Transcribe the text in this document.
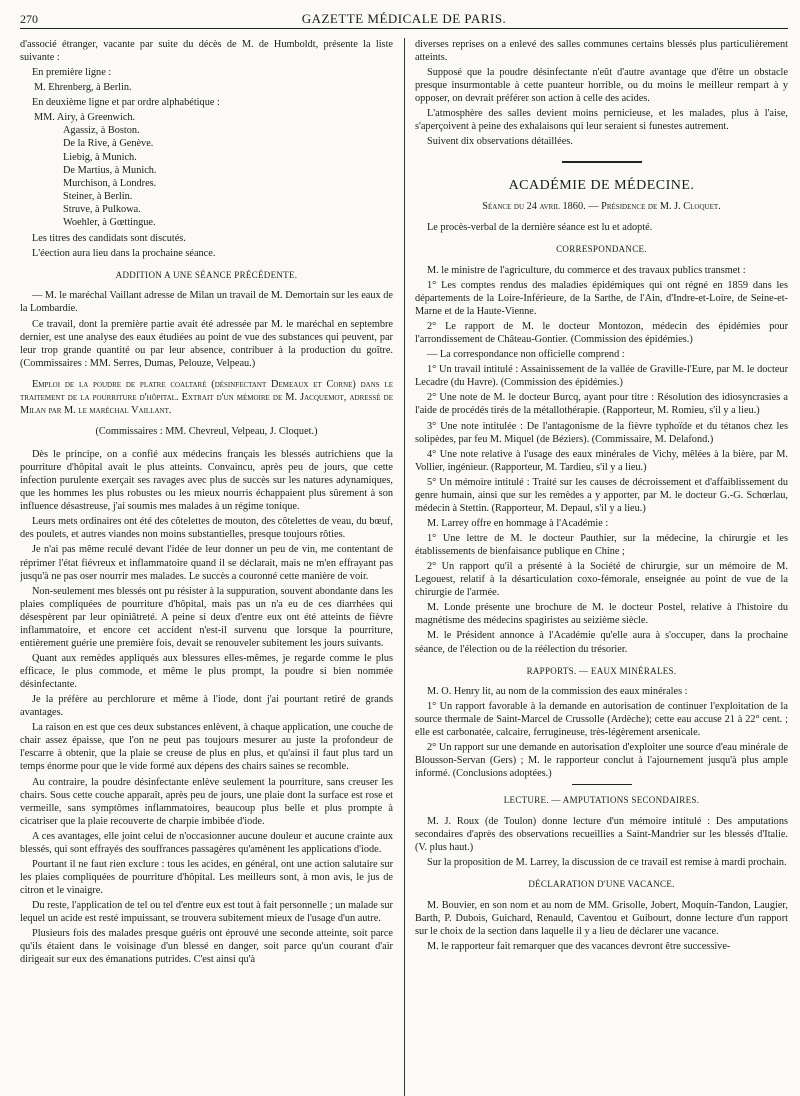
270	GAZETTE MÉDICALE DE PARIS.

d'associé étranger, vacante par suite du décès de M. de Humboldt, présente la liste suivante :

En première ligne :

M. Ehrenberg, à Berlin.

En deuxième ligne et par ordre alphabétique :

MM. Airy, à Greenwich.
Agassiz, à Boston.
De la Rive, à Genève.
Liebig, à Munich.
De Martius, à Munich.
Murchison, à Londres.
Steiner, à Berlin.
Struve, à Pulkowa.
Woehler, à Gœttingue.

Les titres des candidats sont discutés.

L'éection aura lieu dans la prochaine séance.

ADDITION A UNE SÉANCE PRÉCÉDENTE.

— M. le maréchal Vaillant adresse de Milan un travail de M. Demortain sur les eaux de la Lombardie.

Ce travail, dont la première partie avait été adressée par M. le maréchal en septembre dernier, est une analyse des eaux étudiées au point de vue des substances qui peuvent, par leur trop grande quantité ou par leur absence, contribuer à la production du goître. (Commissaires : MM. Serres, Dumas, Pelouze, Velpeau.)

Emploi de la poudre de platre coaltaré (désinfectant Demeaux et Corne) dans le traitement de la pourriture d'hôpital. Extrait d'un mémoire de M. Jacquemot, adressé de Milan par M. le maréchal Vaillant.

(Commissaires : MM. Chevreul, Velpeau, J. Cloquet.)

Dès le principe, on a confié aux médecins français les blessés autrichiens que la pourriture d'hôpital avait le plus atteints. Convaincu, après peu de jours, que cette infection purulente exerçait ses ravages avec plus de succès sur les natures adynamiques, que les hommes les plus robustes ou les mieux nourris échappaient plus sûrement à son influence désastreuse, j'ai soumis mes malades à un régime tonique.

Leurs mets ordinaires ont été des côtelettes de mouton, des côtelettes de veau, du bœuf, des poulets, et autres viandes non moins substantielles, presque toujours rôties.

Je n'ai pas même reculé devant l'idée de leur donner un peu de vin, me contentant de réprimer l'état fiévreux et inflammatoire quand il se déclarait, mais ne m'en effrayant pas jusqu'à ne pas oser nourrir mes malades. Le succès a couronné cette manière de voir.

Non-seulement mes blessés ont pu résister à la suppuration, souvent abondante dans les plaies compliquées de pourriture d'hôpital, mais pas un n'a eu de ces diarrhées qui désespèrent par leur opiniâtreté. A peine si deux d'entre eux ont été atteints de fièvre inflammatoire, et encore cet accident n'est-il survenu que lorsque la pourriture, entièrement guérie une première fois, devait se renouveler subitement les jours suivants.

Quant aux remèdes appliqués aux blessures elles-mêmes, je regarde comme le plus efficace, le plus commode, et même le plus prompt, la poudre si bien nommée désinfectante.

Je la préfère au perchlorure et même à l'iode, dont j'ai pourtant retiré de grands avantages.

La raison en est que ces deux substances enlèvent, à chaque application, une couche de chair assez épaisse, que l'on ne peut pas toujours mesurer au juste la profondeur de l'escarre à obtenir, que la plaie se creuse de plus en plus, et qu'ainsi il faut plus tard un temps énorme pour que le vide formé aux dépens des chairs saines se recomble.

Au contraire, la poudre désinfectante enlève seulement la pourriture, sans creuser les chairs. Sous cette couche apparaît, après peu de jours, une plaie dont la surface est rose et vermeille, sans symptômes inflammatoires, beaucoup plus belle et plus prompte à cicatriser que la plaie recouverte de charpie imbibée d'iode.

A ces avantages, elle joint celui de n'occasionner aucune douleur et aucune crainte aux blessés, qui sont effrayés des souffrances passagères qu'amènent les applications d'iode.

Pourtant il ne faut rien exclure : tous les acides, en général, ont une action salutaire sur les plaies compliquées de pourriture d'hôpital. Les meilleurs sont, à mon avis, le jus de citron et le vinaigre.

Du reste, l'application de tel ou tel d'entre eux est tout à fait personnelle ; un malade sur lequel un acide est resté impuissant, se trouvera subitement mieux de l'usage d'un autre.

Plusieurs fois des malades presque guéris ont éprouvé une seconde atteinte, soit parce qu'ils étaient dans le voisinage d'un blessé en danger, soit parce qu'un courant d'air dirigeait sur eux des émanations putrides. C'est ainsi qu'à

diverses reprises on a enlevé des salles communes certains blessés plus particulièrement atteints.

Supposé que la poudre désinfectante n'eût d'autre avantage que d'être un obstacle presque insurmontable à cette puanteur horrible, ou du moins le meilleur rempart à y opposer, on devrait préférer son action à celle des acides.

L'atmosphère des salles devient moins pernicieuse, et les malades, plus à l'aise, s'aperçoivent à peine des exhalaisons qui leur seraient si funestes autrement.

Suivent dix observations détaillées.

ACADÉMIE DE MÉDECINE.
Séance du 24 avril 1860. — Présidence de M. J. Cloquet.

Le procès-verbal de la dernière séance est lu et adopté.

CORRESPONDANCE.

M. le ministre de l'agriculture, du commerce et des travaux publics transmet :

1° Les comptes rendus des maladies épidémiques qui ont régné en 1859 dans les départements de la Loire-Inférieure, de la Sarthe, de l'Ain, d'Indre-et-Loire, de Seine-et-Marne et de la Haute-Vienne.

2° Le rapport de M. le docteur Montozon, médecin des épidémies pour l'arrondissement de Château-Gontier. (Commission des épidémies.)

— La correspondance non officielle comprend :

1° Un travail intitulé : Assainissement de la vallée de Graville-l'Eure, par M. le docteur Lecadre (du Havre). (Commission des épidémies.)

2° Une note de M. le docteur Burcq, ayant pour titre : Résolution des idiosyncrasies a l'aide de procédés tirés de la métallothérapie. (Rapporteur, M. Romieu, s'il y a lieu.)

3° Une note intitulée : De l'antagonisme de la fièvre typhoïde et du tétanos chez les solipèdes, par feu M. Miquel (de Béziers). (Commissaire, M. Delafond.)

4° Une note relative à l'usage des eaux minérales de Vichy, mêlées à la bière, par M. Vollier, ingénieur. (Rapporteur, M. Tardieu, s'il y a lieu.)

5° Un mémoire intitulé : Traité sur les causes de décroissement et d'affaiblissement du genre humain, ainsi que sur les remèdes a y apporter, par M. le docteur G.-G. Schœrlau, médecin à Stettin. (Rapporteur, M. Depaul, s'il y a lieu.)

M. Larrey offre en hommage à l'Académie :

1° Une lettre de M. le docteur Pauthier, sur la médecine, la chirurgie et les établissements de bienfaisance publique en Chine ;

2° Un rapport qu'il a présenté à la Société de chirurgie, sur un mémoire de M. Legouest, relatif à la désarticulation coxo-fémorale, enseignée au point de vue de la chirurgie de l'armée.

M. Londe présente une brochure de M. le docteur Postel, relative à l'histoire du magnétisme des médecins spagiristes au seizième siècle.

M. le Président annonce à l'Académie qu'elle aura à s'occuper, dans la prochaine séance, de l'élection ou de la réélection du trésorier.

RAPPORTS. — EAUX MINÉRALES.

M. O. Henry lit, au nom de la commission des eaux minérales :

1° Un rapport favorable à la demande en autorisation de continuer l'exploitation de la source thermale de Saint-Marcel de Crussolle (Ardèche); cette eau accuse 21 à 22° cent. ; elle est carbonatée, calcaire, ferrugineuse, très-légèrement arsenicale.

2° Un rapport sur une demande en autorisation d'exploiter une source d'eau minérale de Blousson-Servan (Gers) ; M. le rapporteur conclut à l'ajournement jusqu'à plus ample informé. (Conclusions adoptées.)

LECTURE. — AMPUTATIONS SECONDAIRES.

M. J. Roux (de Toulon) donne lecture d'un mémoire intitulé : Des amputations secondaires d'après des observations recueillies a Saint-Mandrier sur les blessés d'Italie. (V. plus haut.)

Sur la proposition de M. Larrey, la discussion de ce travail est remise à mardi prochain.

DÉCLARATION D'UNE VACANCE.

M. Bouvier, en son nom et au nom de MM. Grisolle, Jobert, Moquin-Tandon, Laugier, Barth, P. Dubois, Guichard, Renauld, Caventou et Guibourt, donne lecture d'un rapport sur le choix de la section dans laquelle il y a lieu de déclarer une vacance.

M. le rapporteur fait remarquer que des vacances devront être successive-
